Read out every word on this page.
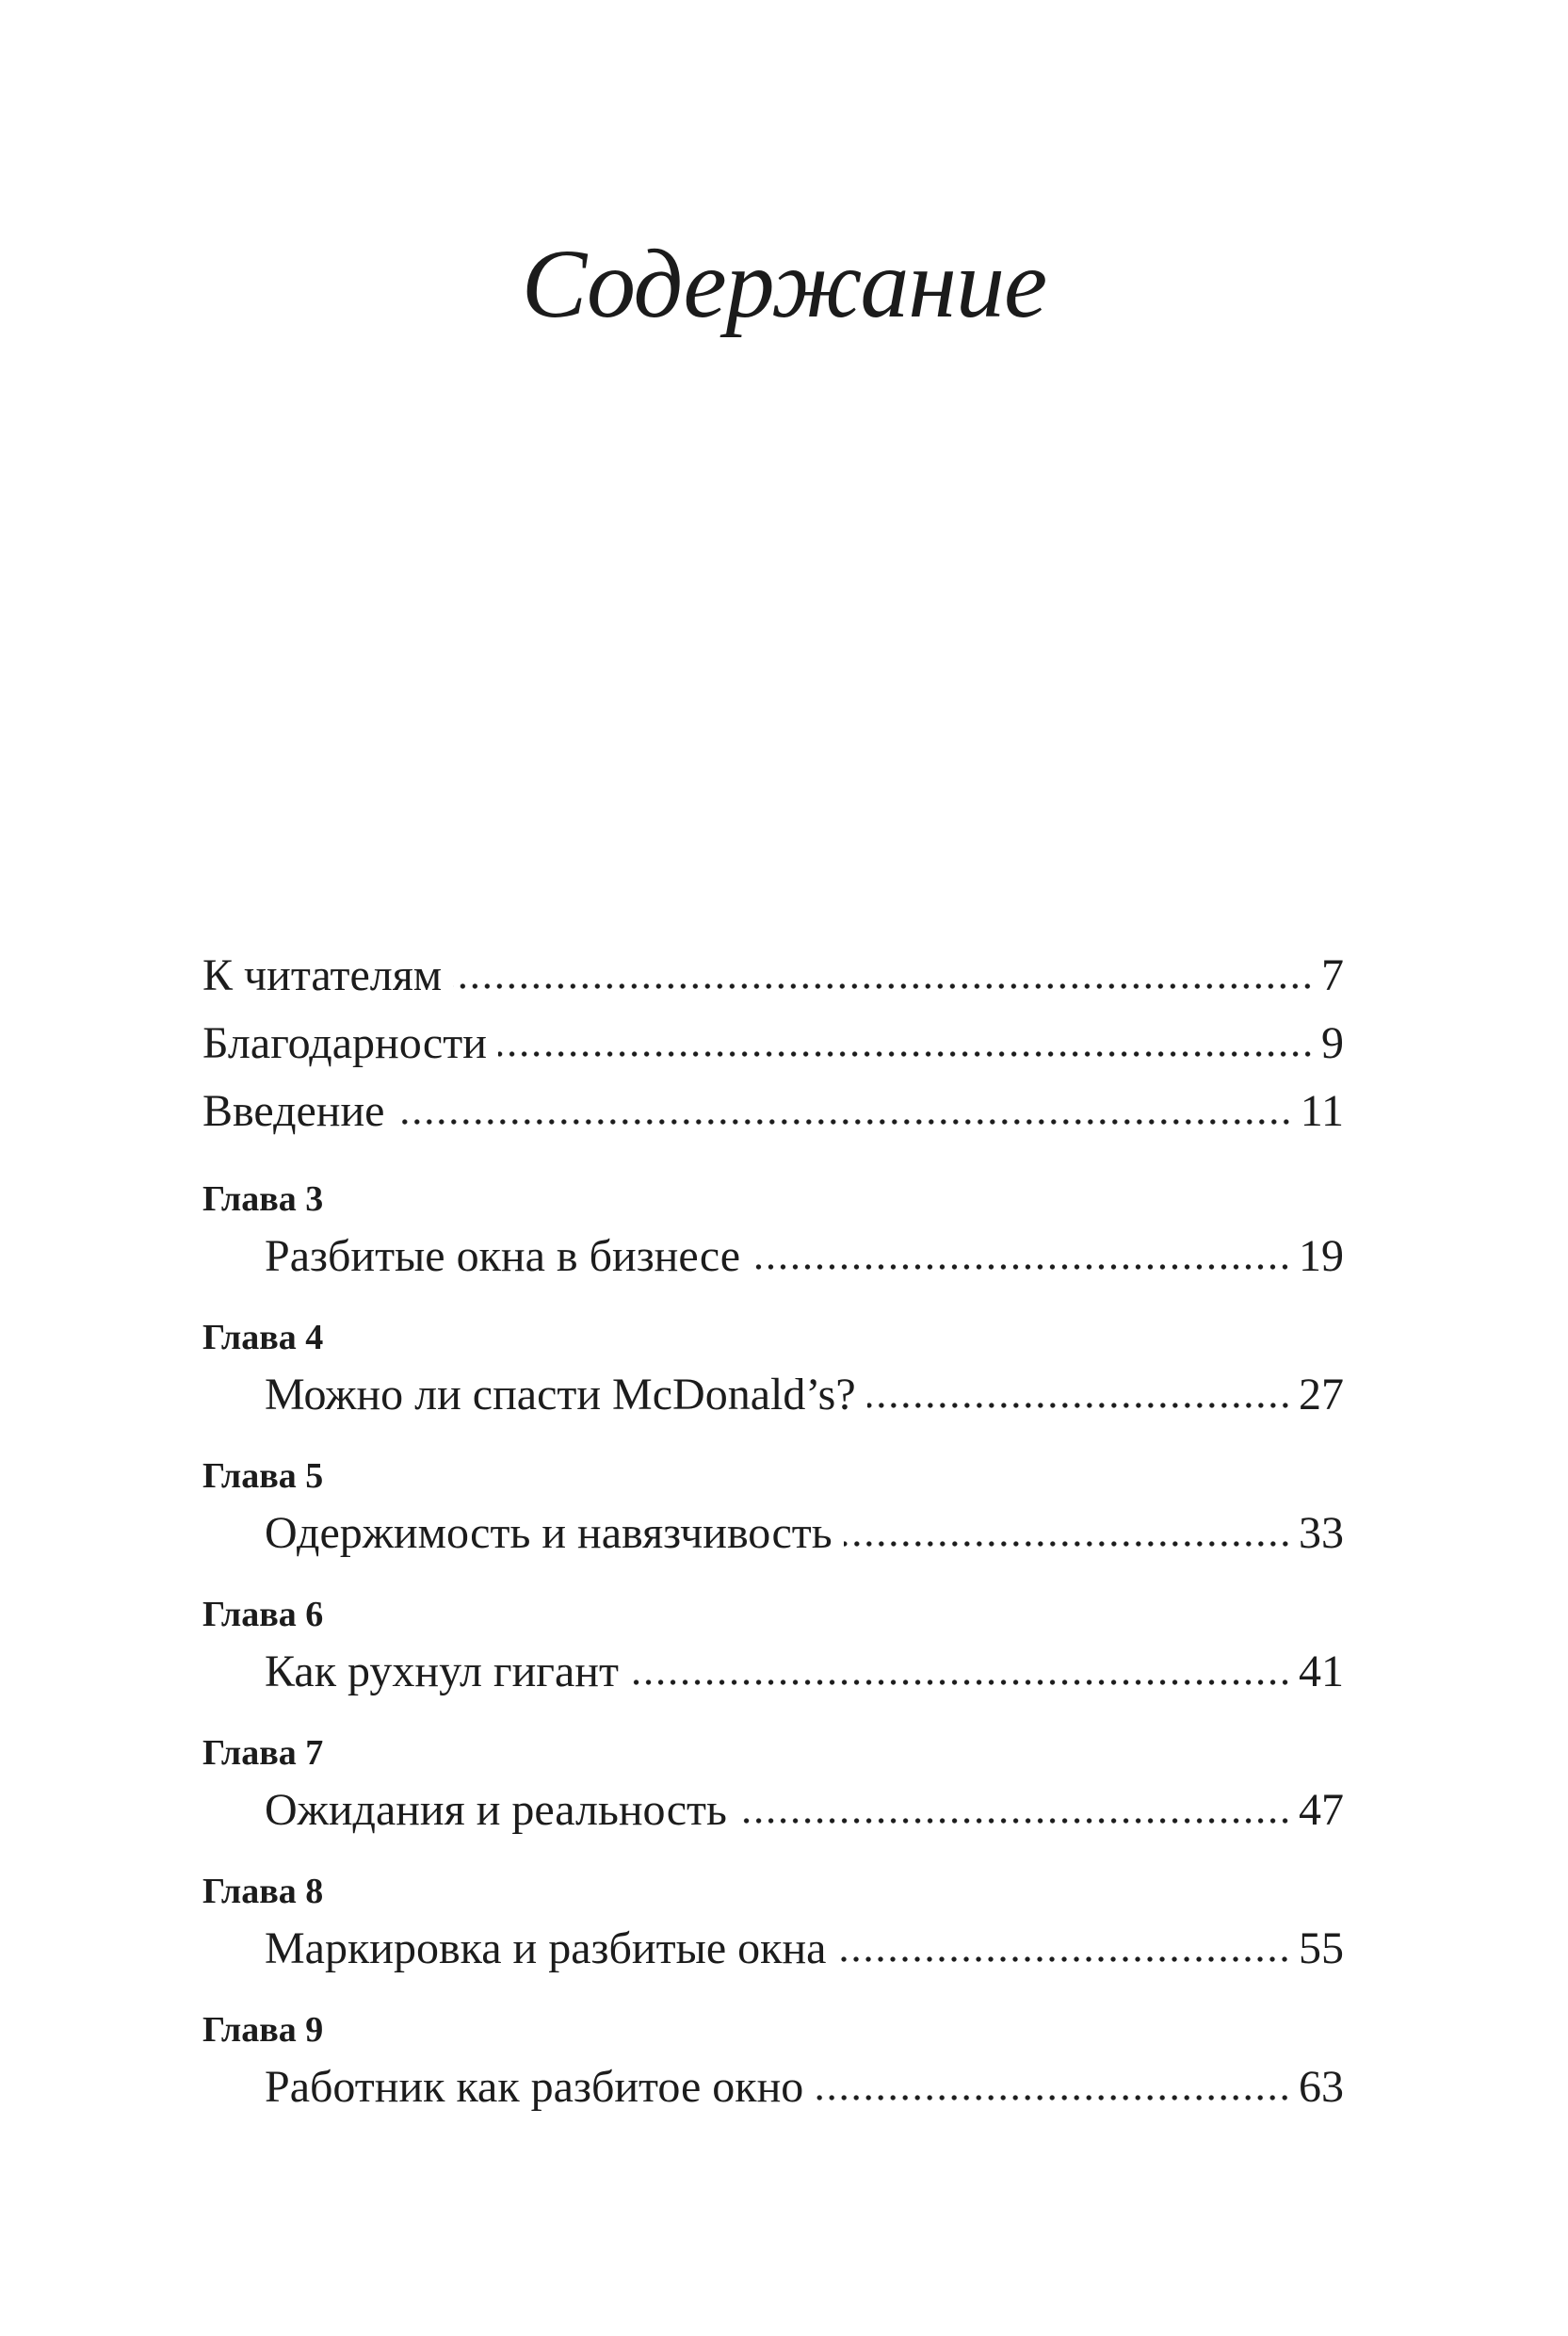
Содержание
К читателям	7
Благодарности	9
Введение	11
Глава 3
Разбитые окна в бизнесе	19
Глава 4
Можно ли спасти McDonald’s?	27
Глава 5
Одержимость и навязчивость	33
Глава 6
Как рухнул гигант	41
Глава 7
Ожидания и реальность	47
Глава 8
Маркировка и разбитые окна	55
Глава 9
Работник как разбитое окно	63
